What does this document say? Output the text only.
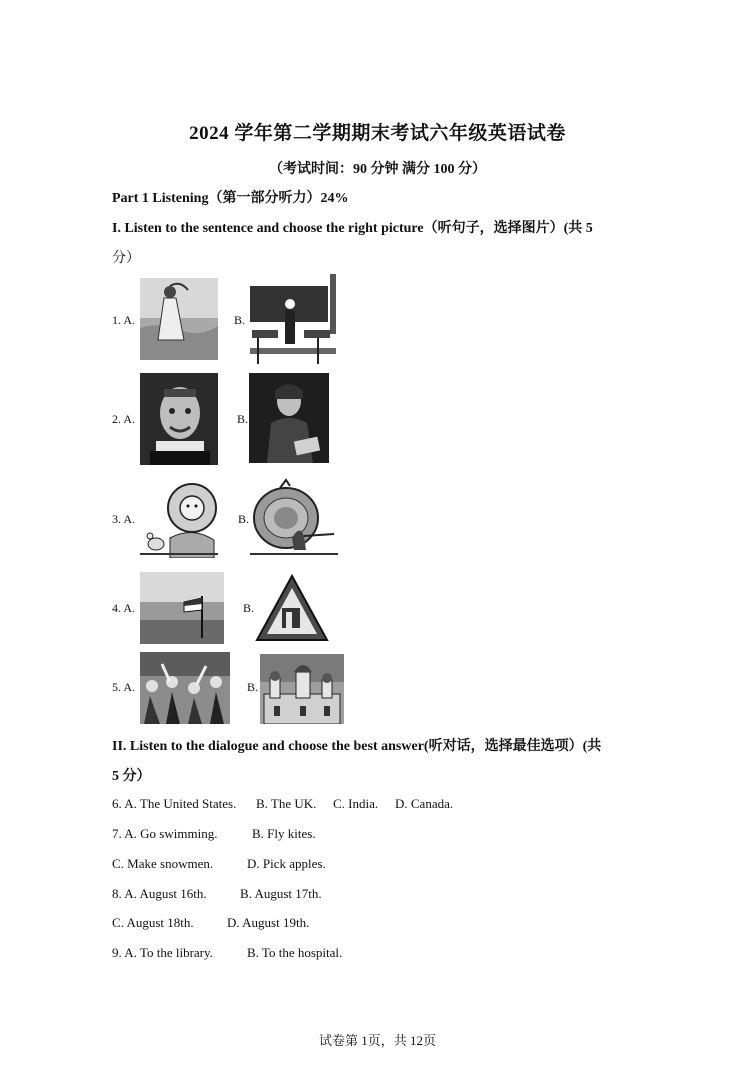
2024 学年第二学期期末考试六年级英语试卷
（考试时间：90 分钟 满分 100 分）
Part 1 Listening（第一部分听力）24%
I. Listen to the sentence and choose the right picture（听句子，选择图片）(共 5
分）
1. A.	B.
2. A.	B.
3. A.	B.
4. A.	B.
5. A.	B.
II. Listen to the dialogue and choose the best answer(听对话，选择最佳选项）(共
5 分）
6. A. The United States. B. The UK. C. India. D. Canada.
7. A. Go swimming.	B. Fly kites.
C. Make snowmen.	D. Pick apples.
8. A. August 16th.	B. August 17th.
C. August 18th.	D. August 19th.
9. A. To the library.	B. To the hospital.
试卷第 1页，共 12页
